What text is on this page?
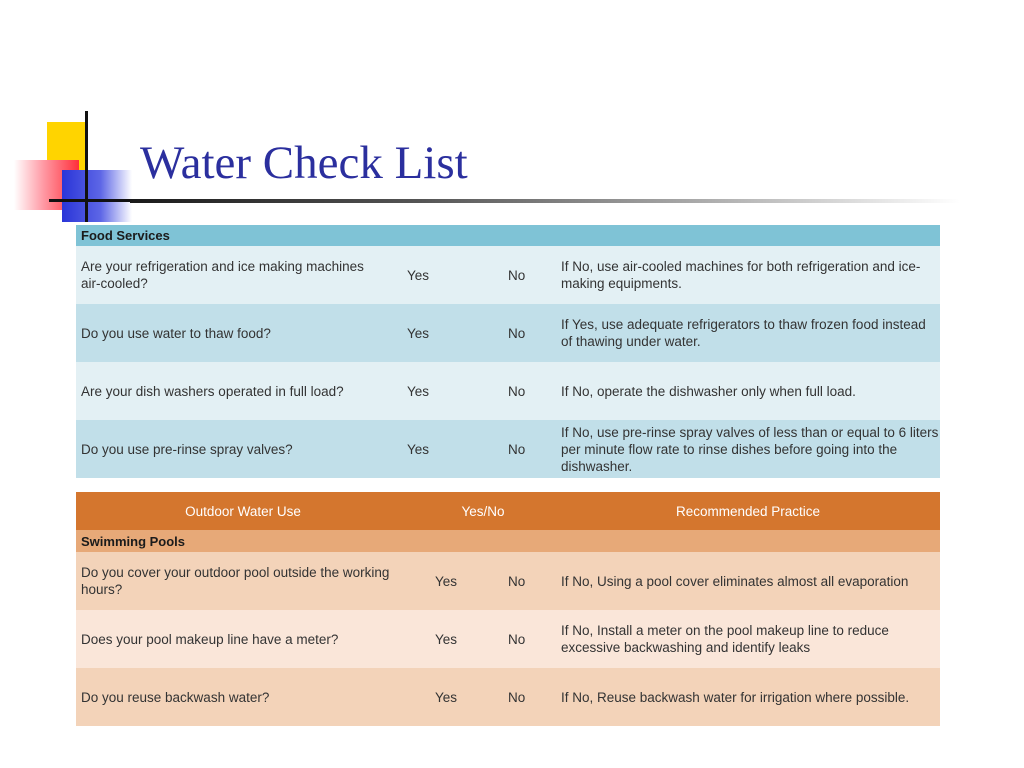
Water Check List
Food Services			
Are your refrigeration and ice making machines air-cooled?	Yes	No	If No, use air-cooled machines for both refrigeration and ice-making equipments.
Do you use water to thaw food?	Yes	No	If Yes, use adequate refrigerators to thaw frozen food instead of thawing under water.
Are your dish washers operated in full load?	Yes	No	If No, operate the dishwasher only when full load.
Do you use pre-rinse spray valves?	Yes	No	If No, use pre-rinse spray valves of less than or equal to 6 liters per minute flow rate to rinse dishes before going into the dishwasher.
Outdoor Water Use	Yes/No		Recommended Practice
Swimming Pools			
Do you cover your outdoor pool outside the working hours?	Yes	No	If No, Using a pool cover eliminates almost all evaporation
Does your pool makeup line have a meter?	Yes	No	If No, Install a meter on the pool makeup line to reduce excessive backwashing and identify leaks
Do you reuse backwash water?	Yes	No	If No, Reuse backwash water for irrigation where possible.
